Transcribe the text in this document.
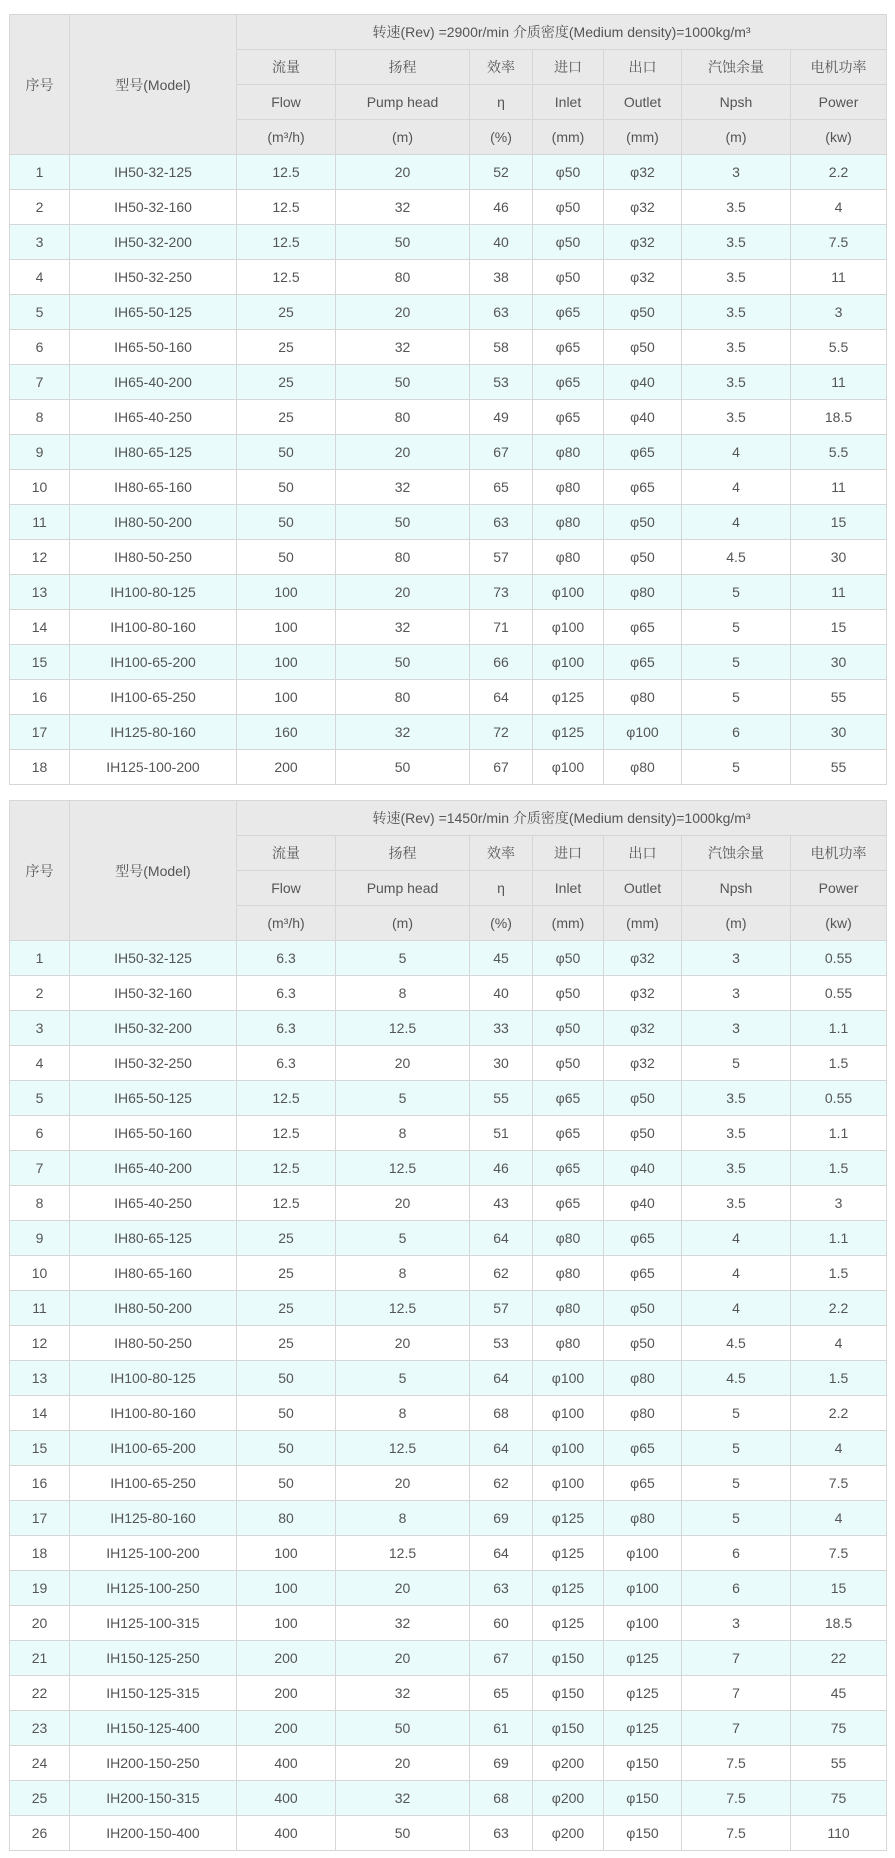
序号	型号(Model)	转速(Rev) =2900r/min 介质密度(Medium density)=1000kg/m³						
		流量	扬程	效率	进口	出口	汽蚀余量	电机功率
		Flow	Pump head	η	Inlet	Outlet	Npsh	Power
		(m³/h)	(m)	(%)	(mm)	(mm)	(m)	(kw)
1	IH50-32-125	12.5	20	52	φ50	φ32	3	2.2
2	IH50-32-160	12.5	32	46	φ50	φ32	3.5	4
3	IH50-32-200	12.5	50	40	φ50	φ32	3.5	7.5
4	IH50-32-250	12.5	80	38	φ50	φ32	3.5	11
5	IH65-50-125	25	20	63	φ65	φ50	3.5	3
6	IH65-50-160	25	32	58	φ65	φ50	3.5	5.5
7	IH65-40-200	25	50	53	φ65	φ40	3.5	11
8	IH65-40-250	25	80	49	φ65	φ40	3.5	18.5
9	IH80-65-125	50	20	67	φ80	φ65	4	5.5
10	IH80-65-160	50	32	65	φ80	φ65	4	11
11	IH80-50-200	50	50	63	φ80	φ50	4	15
12	IH80-50-250	50	80	57	φ80	φ50	4.5	30
13	IH100-80-125	100	20	73	φ100	φ80	5	11
14	IH100-80-160	100	32	71	φ100	φ65	5	15
15	IH100-65-200	100	50	66	φ100	φ65	5	30
16	IH100-65-250	100	80	64	φ125	φ80	5	55
17	IH125-80-160	160	32	72	φ125	φ100	6	30
18	IH125-100-200	200	50	67	φ100	φ80	5	55
序号	型号(Model)	转速(Rev) =1450r/min 介质密度(Medium density)=1000kg/m³						
		流量	扬程	效率	进口	出口	汽蚀余量	电机功率
		Flow	Pump head	η	Inlet	Outlet	Npsh	Power
		(m³/h)	(m)	(%)	(mm)	(mm)	(m)	(kw)
1	IH50-32-125	6.3	5	45	φ50	φ32	3	0.55
2	IH50-32-160	6.3	8	40	φ50	φ32	3	0.55
3	IH50-32-200	6.3	12.5	33	φ50	φ32	3	1.1
4	IH50-32-250	6.3	20	30	φ50	φ32	5	1.5
5	IH65-50-125	12.5	5	55	φ65	φ50	3.5	0.55
6	IH65-50-160	12.5	8	51	φ65	φ50	3.5	1.1
7	IH65-40-200	12.5	12.5	46	φ65	φ40	3.5	1.5
8	IH65-40-250	12.5	20	43	φ65	φ40	3.5	3
9	IH80-65-125	25	5	64	φ80	φ65	4	1.1
10	IH80-65-160	25	8	62	φ80	φ65	4	1.5
11	IH80-50-200	25	12.5	57	φ80	φ50	4	2.2
12	IH80-50-250	25	20	53	φ80	φ50	4.5	4
13	IH100-80-125	50	5	64	φ100	φ80	4.5	1.5
14	IH100-80-160	50	8	68	φ100	φ80	5	2.2
15	IH100-65-200	50	12.5	64	φ100	φ65	5	4
16	IH100-65-250	50	20	62	φ100	φ65	5	7.5
17	IH125-80-160	80	8	69	φ125	φ80	5	4
18	IH125-100-200	100	12.5	64	φ125	φ100	6	7.5
19	IH125-100-250	100	20	63	φ125	φ100	6	15
20	IH125-100-315	100	32	60	φ125	φ100	3	18.5
21	IH150-125-250	200	20	67	φ150	φ125	7	22
22	IH150-125-315	200	32	65	φ150	φ125	7	45
23	IH150-125-400	200	50	61	φ150	φ125	7	75
24	IH200-150-250	400	20	69	φ200	φ150	7.5	55
25	IH200-150-315	400	32	68	φ200	φ150	7.5	75
26	IH200-150-400	400	50	63	φ200	φ150	7.5	110
